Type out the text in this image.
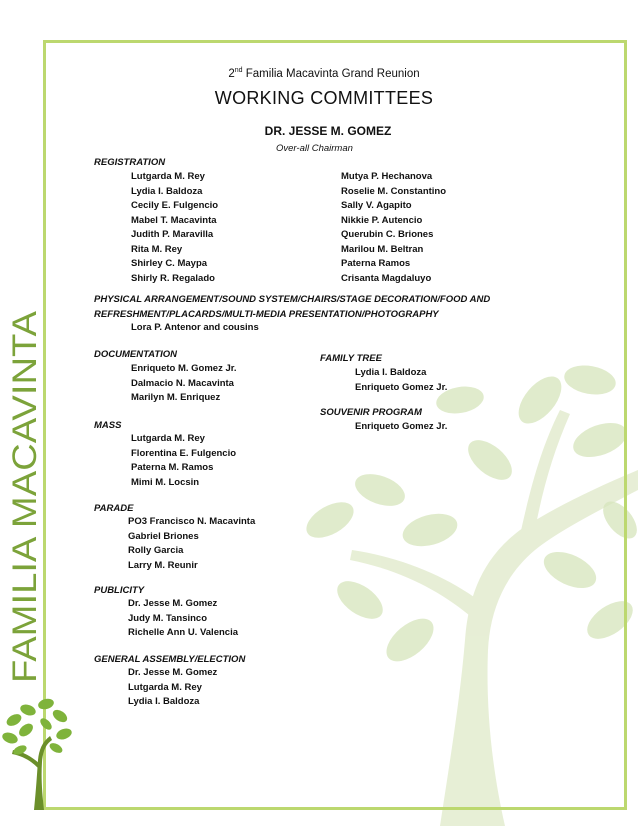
FAMILIA MACAVINTA
2nd Familia Macavinta Grand Reunion
WORKING COMMITTEES
DR. JESSE M. GOMEZ
Over-all Chairman
REGISTRATION
Lutgarda M. Rey
Lydia I. Baldoza
Cecily E. Fulgencio
Mabel T. Macavinta
Judith P. Maravilla
Rita M. Rey
Shirley C. Maypa
Shirly R. Regalado
Mutya P. Hechanova
Roselie M. Constantino
Sally V. Agapito
Nikkie P. Autencio
Querubin C. Briones
Marilou M. Beltran
Paterna Ramos
Crisanta Magdaluyo
PHYSICAL ARRANGEMENT/SOUND SYSTEM/CHAIRS/STAGE DECORATION/FOOD AND
REFRESHMENT/PLACARDS/MULTI-MEDIA PRESENTATION/PHOTOGRAPHY
Lora P. Antenor and cousins
DOCUMENTATION
Enriqueto M. Gomez Jr.
Dalmacio N. Macavinta
Marilyn M. Enriquez
FAMILY TREE
Lydia I. Baldoza
Enriqueto Gomez Jr.
SOUVENIR PROGRAM
Enriqueto Gomez Jr.
MASS
Lutgarda M. Rey
Florentina E. Fulgencio
Paterna M. Ramos
Mimi M. Locsin
PARADE
PO3 Francisco N. Macavinta
Gabriel Briones
Rolly Garcia
Larry M. Reunir
PUBLICITY
Dr. Jesse M. Gomez
Judy M. Tansinco
Richelle Ann U. Valencia
GENERAL ASSEMBLY/ELECTION
Dr. Jesse M. Gomez
Lutgarda M. Rey
Lydia I. Baldoza
